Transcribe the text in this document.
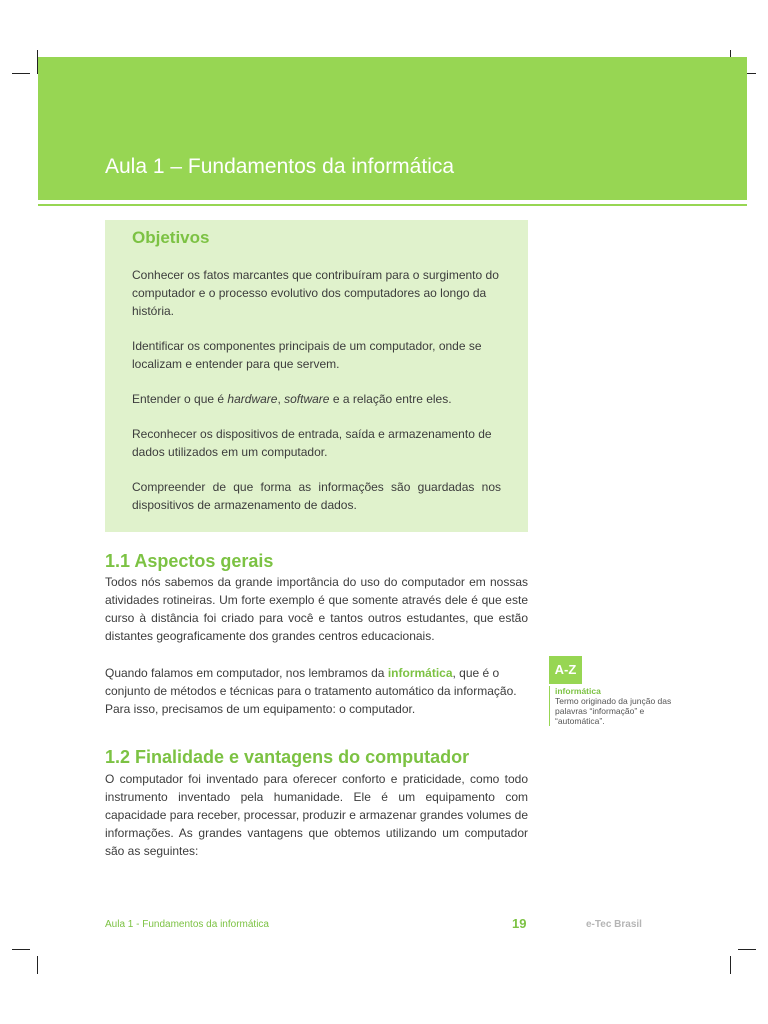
Aula 1 – Fundamentos da informática
Objetivos

Conhecer os fatos marcantes que contribuíram para o surgimento do computador e o processo evolutivo dos computadores ao longo da história.

Identificar os componentes principais de um computador, onde se localizam e entender para que servem.

Entender o que é hardware, software e a relação entre eles.

Reconhecer os dispositivos de entrada, saída e armazenamento de dados utilizados em um computador.

Compreender de que forma as informações são guardadas nos dispositivos de armazenamento de dados.

1.1 Aspectos gerais

Todos nós sabemos da grande importância do uso do computador em nossas atividades rotineiras. Um forte exemplo é que somente através dele é que este curso à distância foi criado para você e tantos outros estudantes, que estão distantes geograficamente dos grandes centros educacionais.

Quando falamos em computador, nos lembramos da informática, que é o conjunto de métodos e técnicas para o tratamento automático da informação. Para isso, precisamos de um equipamento: o computador.

A-Z
informática
Termo originado da junção das palavras “informação” e “automática”.
1.2 Finalidade e vantagens do computador

O computador foi inventado para oferecer conforto e praticidade, como todo instrumento inventado pela humanidade. Ele é um equipamento com capacidade para receber, processar, produzir e armazenar grandes volumes de informações. As grandes vantagens que obtemos utilizando um computador são as seguintes:

Aula 1 - Fundamentos da informática	19	e-Tec Brasil
